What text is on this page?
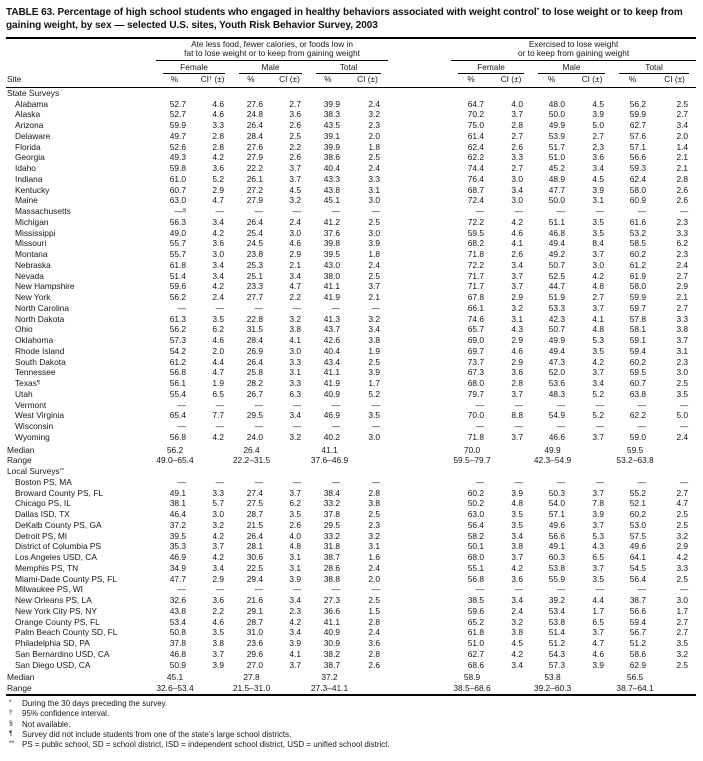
TABLE 63. Percentage of high school students who engaged in healthy behaviors associated with weight control* to lose weight or to keep from gaining weight, by sex — selected U.S. sites, Youth Risk Behavior Survey, 2003

Ate less food, fewer calories, or foods low in
fat to lose weight or to keep from gaining weight

Exercised to lose weight
or to keep from gaining weight

	Female		Male		Total			Female		Male		Total	

Site	%	CI† (±)	%	CI (±)	%	CI (±)		%	CI (±)	%	CI (±)	%	CI (±)
State Surveys													
Alabama	52.7	4.6	27.6	2.7	39.9	2.4		64.7	4.0	48.0	4.5	56.2	2.5
Alaska	52.7	4.6	24.8	3.6	38.3	3.2		70.2	3.7	50.0	3.9	59.9	2.7
Arizona	59.9	3.3	26.4	2.6	43.5	2.3		75.0	2.8	49.9	5.0	62.7	3.4
Delaware	49.7	2.8	28.4	2.5	39.1	2.0		61.4	2.7	53.9	2.7	57.6	2.0
Florida	52.6	2.8	27.6	2.2	39.9	1.8		62.4	2.6	51.7	2.3	57.1	1.4
Georgia	49.3	4.2	27.9	2.6	38.6	2.5		62.2	3.3	51.0	3.6	56.6	2.1
Idaho	59.8	3.6	22.2	3.7	40.4	2.4		74.4	2.7	45.2	3.4	59.3	2.1
Indiana	61.0	5.2	26.1	3.7	43.3	3.3		76.4	3.0	48.9	4.5	62.4	2.8
Kentucky	60.7	2.9	27.2	4.5	43.8	3.1		68.7	3.4	47.7	3.9	58.0	2.6
Maine	63.0	4.7	27.9	3.2	45.1	3.0		72.4	3.0	50.0	3.1	60.9	2.6
Massachusetts	—§	—	—	—	—	—		—	—	—	—	—	—
Michigan	56.3	3.4	26.4	2.4	41.2	2.5		72.2	4.2	51.1	3.5	61.6	2.3
Mississippi	49.0	4.2	25.4	3.0	37.6	3.0		59.5	4.6	46.8	3.5	53.2	3.3
Missouri	55.7	3.6	24.5	4.6	39.8	3.9		68.2	4.1	49.4	8.4	58.5	6.2
Montana	55.7	3.0	23.8	2.9	39.5	1.8		71.8	2.6	49.2	3.7	60.2	2.3
Nebraska	61.8	3.4	25.3	2.1	43.0	2.4		72.2	3.4	50.7	3.0	61.2	2.4
Nevada	51.4	3.4	25.1	3.4	38.0	2.5		71.7	3.7	52.5	4.2	61.9	2.7
New Hampshire	59.6	4.2	23.3	4.7	41.1	3.7		71.7	3.7	44.7	4.8	58.0	2.9
New York	56.2	2.4	27.7	2.2	41.9	2.1		67.8	2.9	51.9	2.7	59.9	2.1
North Carolina	—	—	—	—	—	—		66.1	3.2	53.3	3.7	59.7	2.7
North Dakota	61.3	3.5	22.8	3.2	41.3	3.2		74.6	3.1	42.3	4.1	57.8	3.3
Ohio	56.2	6.2	31.5	3.8	43.7	3.4		65.7	4.3	50.7	4.8	58.1	3.8
Oklahoma	57.3	4.6	28.4	4.1	42.6	3.8		69.0	2.9	49.9	5.3	59.1	3.7
Rhode Island	54.2	2.0	26.9	3.0	40.4	1.9		69.7	4.6	49.4	3.5	59.4	3.1
South Dakota	61.2	4.4	26.4	3.3	43.4	2.5		73.7	2.9	47.3	4.2	60.2	2.3
Tennessee	56.8	4.7	25.8	3.1	41.1	3.9		67.3	3.6	52.0	3.7	59.5	3.0
Texas¶	56.1	1.9	28.2	3.3	41.9	1.7		68.0	2.8	53.6	3.4	60.7	2.5
Utah	55.4	6.5	26.7	6.3	40.9	5.2		79.7	3.7	48.3	5.2	63.8	3.5
Vermont	—	—	—	—	—	—		—	—	—	—	—	—
West Virginia	65.4	7.7	29.5	3.4	46.9	3.5		70.0	8.8	54.9	5.2	62.2	5.0
Wisconsin	—	—	—	—	—	—		—	—	—	—	—	—
Wyoming	56.8	4.2	24.0	3.2	40.2	3.0		71.8	3.7	46.6	3.7	59.0	2.4
Median	56.2		26.4		41.1			70.0		49.9		59.5	
Range	49.0–65.4		22.2–31.5		37.6–46.9			59.5–79.7		42.3–54.9		53.2–63.8	
Local Surveys**
Boston PS, MA	—	—	—	—	—	—		—	—	—	—	—	—
Broward County PS, FL	49.1	3.3	27.4	3.7	38.4	2.8		60.2	3.9	50.3	3.7	55.2	2.7
Chicago PS, IL	38.1	5.7	27.5	6.2	33.2	3.8		50.2	4.8	54.0	7.8	52.1	4.7
Dallas ISD, TX	46.4	3.0	28.7	3.5	37.8	2.5		63.0	3.5	57.1	3.9	60.2	2.5
DeKalb County PS, GA	37.2	3.2	21.5	2.6	29.5	2.3		56.4	3.5	49.6	3.7	53.0	2.5
Detroit PS, MI	39.5	4.2	26.4	4.0	33.2	3.2		58.2	3.4	56.6	5.3	57.5	3.2
District of Columbia PS	35.3	3.7	28.1	4.8	31.8	3.1		50.1	3.8	49.1	4.3	49.6	2.9
Los Angeles USD, CA	46.9	4.2	30.6	3.1	38.7	1.6		68.0	3.7	60.3	6.5	64.1	4.2
Memphis PS, TN	34.9	3.4	22.5	3.1	28.6	2.4		55.1	4.2	53.8	3.7	54.5	3.3
Miami-Dade County PS, FL	47.7	2.9	29.4	3.9	38.8	2.0		56.8	3.6	55.9	3.5	56.4	2.5
Milwaukee PS, WI	—	—	—	—	—	—		—	—	—	—	—	—
New Orleans PS, LA	32.6	3.6	21.6	3.4	27.3	2.5		38.5	3.4	39.2	4.4	38.7	3.0
New York City PS, NY	43.8	2.2	29.1	2.3	36.6	1.5		59.6	2.4	53.4	1.7	56.6	1.7
Orange County PS, FL	53.4	4.6	28.7	4.2	41.1	2.8		65.2	3.2	53.8	6.5	59.4	2.7
Palm Beach County SD, FL	50.8	3.5	31.0	3.4	40.9	2.4		61.8	3.8	51.4	3.7	56.7	2.7
Philadelphia SD, PA	37.8	3.8	23.6	3.9	30.9	3.6		51.0	4.5	51.2	4.7	51.2	3.5
San Bernardino USD, CA	46.8	3.7	29.6	4.1	38.2	2.8		62.7	4.2	54.3	4.6	58.6	3.2
San Diego USD, CA	50.9	3.9	27.0	3.7	38.7	2.6		68.6	3.4	57.3	3.9	62.9	2.5
Median	45.1		27.8		37.2			58.9		53.8		56.5	
Range	32.6–53.4		21.5–31.0		27.3–41.1			38.5–68.6		39.2–60.3		38.7–64.1	
* During the 30 days preceding the survey.
† 95% confidence interval.
§ Not available.
¶ Survey did not include students from one of the state’s large school districts.
** PS = public school, SD = school district, ISD = independent school district, USD = unified school district.
